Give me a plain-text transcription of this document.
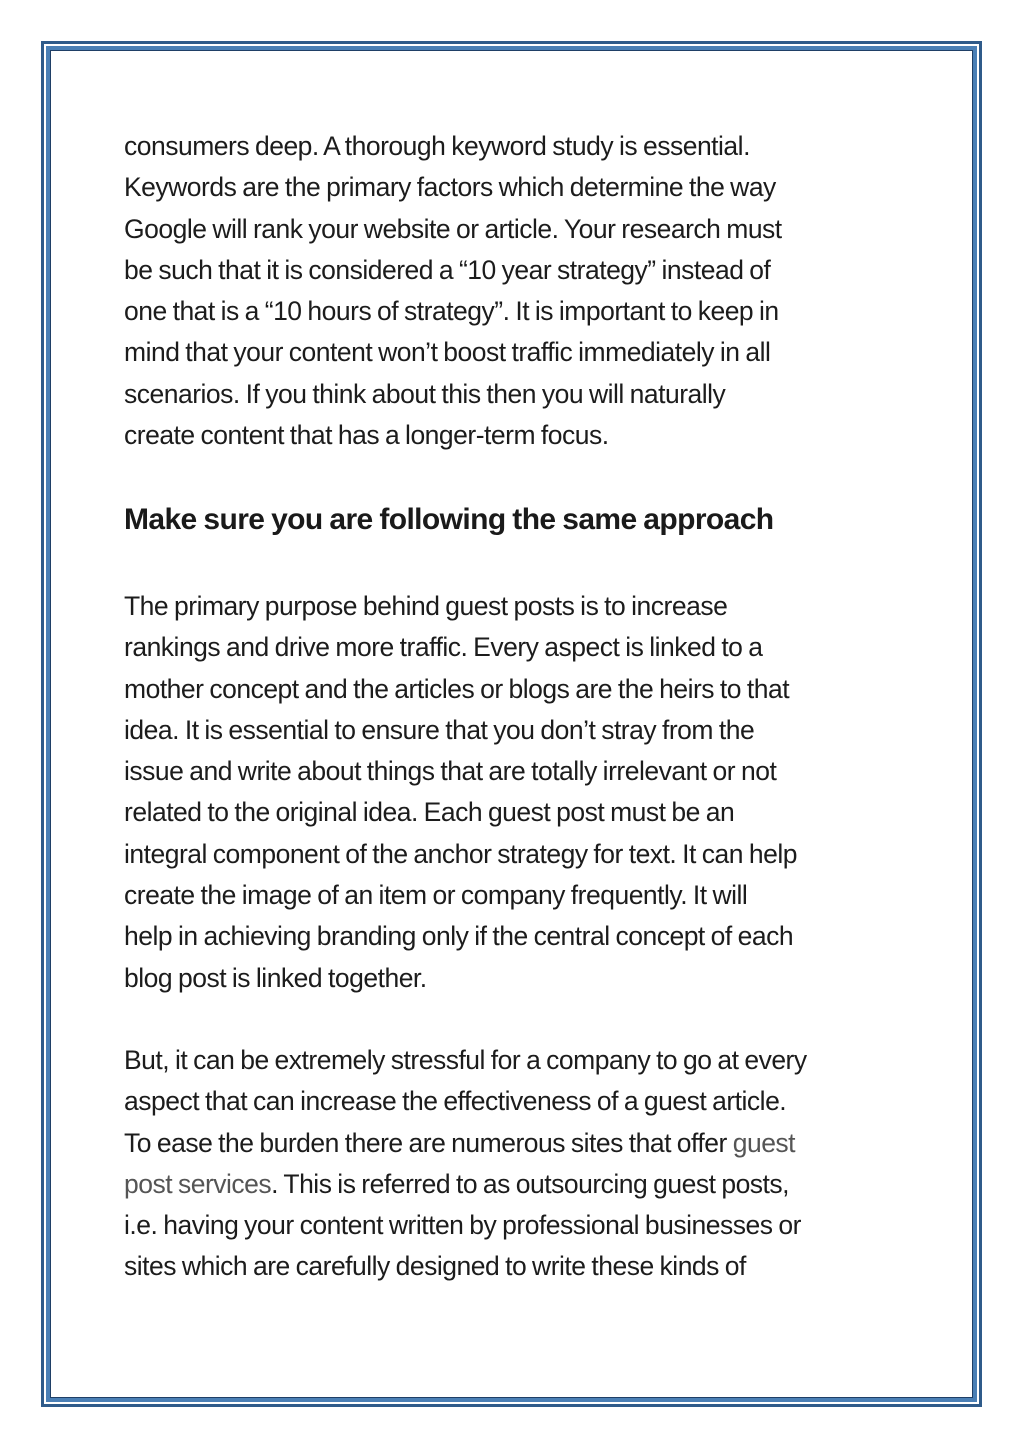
consumers deep. A thorough keyword study is essential.
Keywords are the primary factors which determine the way
Google will rank your website or article. Your research must
be such that it is considered a “10 year strategy” instead of
one that is a “10 hours of strategy”. It is important to keep in
mind that your content won’t boost traffic immediately in all
scenarios. If you think about this then you will naturally
create content that has a longer-term focus.

Make sure you are following the same approach

The primary purpose behind guest posts is to increase
rankings and drive more traffic. Every aspect is linked to a
mother concept and the articles or blogs are the heirs to that
idea. It is essential to ensure that you don’t stray from the
issue and write about things that are totally irrelevant or not
related to the original idea. Each guest post must be an
integral component of the anchor strategy for text. It can help
create the image of an item or company frequently. It will
help in achieving branding only if the central concept of each
blog post is linked together.

But, it can be extremely stressful for a company to go at every
aspect that can increase the effectiveness of a guest article.
To ease the burden there are numerous sites that offer guest
post services. This is referred to as outsourcing guest posts,
i.e. having your content written by professional businesses or
sites which are carefully designed to write these kinds of
